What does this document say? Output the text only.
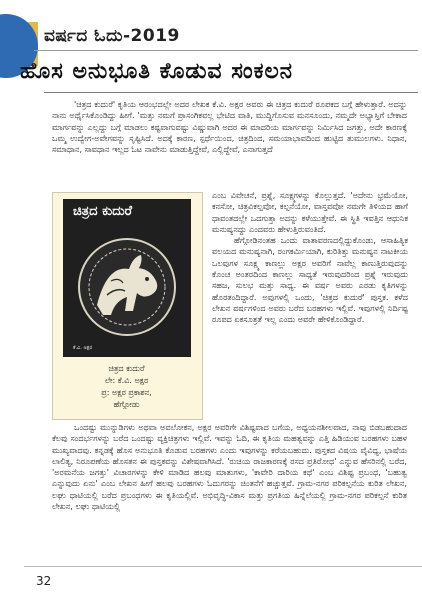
ವರ್ಷದ ಓದು-2019
ಹೊಸ ಅನುಭೂತಿ ಕೊಡುವ ಸಂಕಲನ
'ಚಿತ್ರದ ಕುದುರೆ' ಕೃತಿಯ ಆರಂಭದಲ್ಲೇ ಅದರ ಲೇಖಕ ಕೆ.ವಿ. ಅಕ್ಷರ ಅವರು ಈ ಚಿತ್ರದ ಕುದುರೆ ರೂಪಕದ ಬಗ್ಗೆ ಹೇಳುತ್ತಾರೆ. ಅದನ್ನು ನಾನು ಅರ್ಥೈಸಿಕೊಂಡಿದ್ದು ಹೀಗೆ. 'ಮತ್ತು ನಮಗೆ ಪ್ರಾಸಂಗಿಕವಲ್ಲ ಭೇಟಿದ ವಾತಿ, ಮುದ್ದಿಗೊಸುವ ಮನಸೂಂದು, ನಮ್ಮದೇ ಅಭ್ಯಾಸ್ತಿಗೆ ಬೇಕಾದ ಮಾರ್ಗವನ್ನು ಎಲ್ಲದ್ದು ಬಗ್ಗೆ ಮಾಡಲು ಕಷ್ಟವಾಗುವಷ್ಟು ವಿಷ್ಣುವಾಗಿ ಅದರ ಈ ಮಾದರಿಯ ಮಾರ್ಗವನ್ನು ನಿರ್ಮಿಸಿದ ಜಗತ್ತು, ಅದೇ ಕಾರಣಕ್ಕೆ ಒಮ್ಮ ಉದ್ವೇಗ-ಅವೇಗವನ್ನು ಸೃಷ್ಟಿಸಿದೆ. ಅದಕ್ಕೆ ಕಾರಣ, ಸ್ಪರ್ಧೆಯಿಂದ, ಚಿತ್ರದಿಂದ, ಸಮಯಾಭಾವದಿಂದ ಹುಟ್ಟಿದ ತುಮುಲಗಳು. ನಿಧಾನ, ಸಮಾಧಾನ, ಸಾವಧಾನ ಇಲ್ಲದ ಓಟ ನಾವೇನು ಮಾಡುತ್ತಿದ್ದೇವೆ, ಎಲ್ಲಿದ್ದೇವೆ, ಎನಾಗುತ್ತದೆ
ಚಿತ್ರದ ಕುದುರೆ
ಕೆ.ವಿ. ಅಕ್ಷರ
ಚಿತ್ರದ ಕುದುರೆ
ಲೇ: ಕೆ.ವಿ. ಅಕ್ಷರ
ಪ್ರ: ಅಕ್ಷರ ಪ್ರಕಾಶನ,
ಹೆಗ್ಗೋಡು
ಎಂಬ ವಿವೇಚನೆ, ಪ್ರಶ್ನೆ, ಸೂಕ್ಷ್ಮಗಳನ್ನು ಕೊಲ್ಲುತ್ತದೆ. 'ಅದೇನು ಭ್ರಮೆಯೋ, ಕನಸೋ, ಚಿತ್ರವಿಕಲ್ಪವೋ, ಕಲ್ಪನೆಯೋ, ವಾಸ್ತವವೋ ನಮಗೇ ತಿಳಿಯದ ಹಾಗೆ ಧಾವಂತದಲ್ಲೇ ಒದಗುತ್ತಾ ಅದನ್ನು ಕಳೆಯುತ್ತೇವೆ. ಈ ಸ್ಥಿತಿ ಇವತ್ತಿನ ಆಧುನಿಕ ಮನುಷ್ಯನದ್ದು ಎಂದವರು ಹೇಳುತ್ತಿರುವಂತಿದೆ.
ಹೆಗ್ಗೋಡಿನಂತಹ ಒಂದು ವಾತಾವರಣದಲ್ಲಿದ್ದುಕೊಂಡು, ಆಸಾಹಿತ್ಯಿಕ ವಲಯದ ಮನುಷ್ಯನಾಗಿ, ರಂಗಕರ್ಮಿಯಾಗಿ, ಕುರಿತಿತ್ತು ಮನುಷ್ಯನ ನಾಟಕೀಯ ಒಲವುಗಳ ಸೂಕ್ಷ್ಮ ಕಾಣಲ್ಲು ಅಕ್ಷರ ಅವರಿಗೆ ನಾವೆಲ್ಲ ಕಾಣುತ್ತಿರುವುದನ್ನು ಕೊಂಚ ಅಂತರದಿಂದ ಕಾಣಲ್ಲು ಸಾಧ್ಯತೆ ಇರುವುದರಿಂದ ಪ್ರಶ್ನೆ ಇರುವುದು ಸಹಜ, ಸುಲಭ ಮತ್ತು ಸಾಧ್ಯ. ಈ ವರ್ಷ ಅವರು ಎರಡು ಕೃತಿಗಳನ್ನು ಹೊರತಂದಿದ್ದಾರೆ. ಅವುಗಳಲ್ಲಿ ಒಂದು, 'ಚಿತ್ರದ ಕುದುರೆ' ಪುಸ್ತಕ. ಕಳೆದ ಲೇಖನ ವರ್ಷಗಳಿಂದ ಅವರು ಬರೆದ ಬರಹಗಳು ಇಲ್ಲಿವೆ. ಇವುಗಳಲ್ಲಿ ನಿರ್ದಿಷ್ಟ ರೂಪದ ಏಕಸೂತ್ರತೆ ಇಲ್ಲ ಎಂದು ಅವರೇ ಹೇಳಿಕೊಂಡಿದ್ದಾರೆ.
ಒಂದಷ್ಟು ಮುನ್ನುಡಿಗಳು ಅಥವಾ ಅವಲೋಕನ, ಅಕ್ಷರ ಅವರಿಗೇ ವಿಶಿಷ್ಟವಾದ ಬಗೆಯ, ಅಧ್ಯಯನಶೀಲವಾದ, ನಾವು ಬಿಡಬಹುದಾದ ಕೆಲವು ಸಂದರ್ಭಗಳನ್ನು ಬರೆದ ಒಂದಷ್ಟು ವ್ಯಕ್ತಿಚಿತ್ರಗಳು ಇಲ್ಲಿವೆ. ಇವನ್ನು ಓದಿ, ಈ ಕೃತಿಯ ಮಹತ್ವವನ್ನು ಎತ್ತಿ ಹಿಡಿಯುವ ಬರಹಗಳು ಬಹಳ ಮುಖ್ಯವಾದವು. ಕನ್ನಡಕ್ಕೆ ಹೊಸ ಅನುಭೂತಿ ಕೊಡುವ ಬರಹಗಳು ಎಂದು ಇವುಗಳನ್ನು ಕರೆಯಬಹುದು. ಪುಸ್ತಕದ ವಿಷಯ ವೈವಿಧ್ಯ, ಭಾಷೆಯ ಲಾಲಿತ್ಯ, ನಿರೂಪಣೆಯ ಹೊಸತನ ಈ ಪುಸ್ತಕವನ್ನು ವಿಶೇಷವಾಗಿಸಿದೆ. 'ರುಚಿಯ ರಾಜಕಾರಣಕ್ಕೆ ರಸದ ಪ್ರತಿರೋಧ' ಎನ್ನುವ ಹೆಸರಿನಲ್ಲಿ ಬರೆದ, 'ಅರಮನೆಯ ಜಗತ್ತು' ವಿಚಾರಗಳನ್ನು ಕೇಳಿ ಮಾಡಿದ ಹಲವು ಮಾತುಗಳು, 'ಕಾವೇರಿ ದಾರಿಯ ಕಥೆ' ಎಂಬ ವಿಶಿಷ್ಟ ಪ್ರಬಂಧ, 'ಬಹುತ್ವ ಎನ್ನುವುದು ಏನು' ಎಂಬ ಲೇಖನ ಹೀಗೆ ಹಲವು ಬರಹಗಳು ಓದುಗರನ್ನು ಚಿಂತನೆಗೆ ಹಚ್ಚುತ್ತವೆ. ಗ್ರಾಮ-ನಗರ ಪರಿಕಲ್ಪನೆಯ ಕುರಿತ ಲೇಖನ, ಲಘು ಧಾಟಿಯಲ್ಲಿ ಬರೆದ ಪ್ರಬಂಧಗಳು ಈ ಕೃತಿಯಲ್ಲಿವೆ. ಅಭಿವೃದ್ಧಿ-ವಿಕಾಸ ಮತ್ತು ಪ್ರಗತಿಯ ಹಿನ್ನೆಲೆಯಲ್ಲಿ ಗ್ರಾಮ-ನಗರ ಪರಿಕಲ್ಪನೆ ಕುರಿತ ಲೇಖನ, ಲಘು ಧಾಟಿಯಲ್ಲಿ
32
